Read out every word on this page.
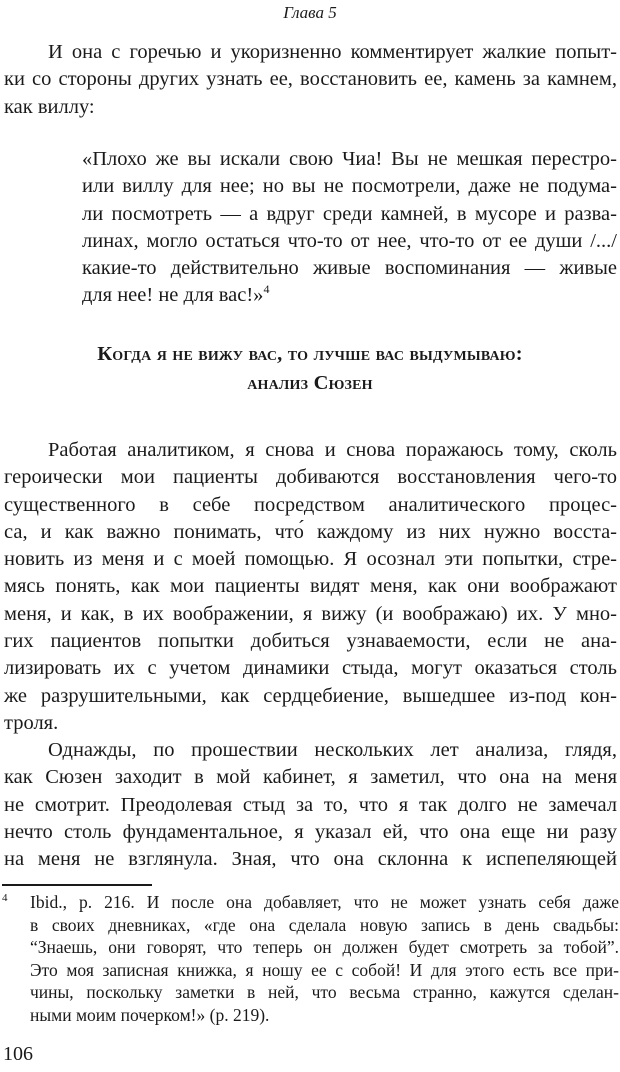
Глава 5
И она с горечью и укоризненно комментирует жалкие попыт-
ки со стороны других узнать ее, восстановить ее, камень за камнем,
как виллу:
«Плохо же вы искали свою Чиа! Вы не мешкая перестро-
или виллу для нее; но вы не посмотрели, даже не подума-
ли посмотреть — а вдруг среди камней, в мусоре и разва-
линах, могло остаться что-то от нее, что-то от ее души /.../
какие-то действительно живые воспоминания — живые
для нее! не для вас!»$^4$
Когда я не вижу вас, то лучше вас выдумываю:
анализ Сюзен
Работая аналитиком, я снова и снова поражаюсь тому, сколь
героически мои пациенты добиваются восстановления чего-то
существенного в себе посредством аналитического процес-
са, и как важно понимать, что́ каждому из них нужно восста-
новить из меня и с моей помощью. Я осознал эти попытки, стре-
мясь понять, как мои пациенты видят меня, как они воображают
меня, и как, в их воображении, я вижу (и воображаю) их. У мно-
гих пациентов попытки добиться узнаваемости, если не ана-
лизировать их с учетом динамики стыда, могут оказаться столь
же разрушительными, как сердцебиение, вышедшее из-под кон-
троля.
Однажды, по прошествии нескольких лет анализа, глядя,
как Сюзен заходит в мой кабинет, я заметил, что она на меня
не смотрит. Преодолевая стыд за то, что я так долго не замечал
нечто столь фундаментальное, я указал ей, что она еще ни разу
на меня не взглянула. Зная, что она склонна к испепеляющей
4 Ibid., p. 216. И после она добавляет, что не может узнать себя даже
в своих дневниках, «где она сделала новую запись в день свадьбы:
“Знаешь, они говорят, что теперь он должен будет смотреть за тобой”.
Это моя записная книжка, я ношу ее с собой! И для этого есть все при-
чины, поскольку заметки в ней, что весьма странно, кажутся сделан-
ными моим почерком!» (p. 219).
106
